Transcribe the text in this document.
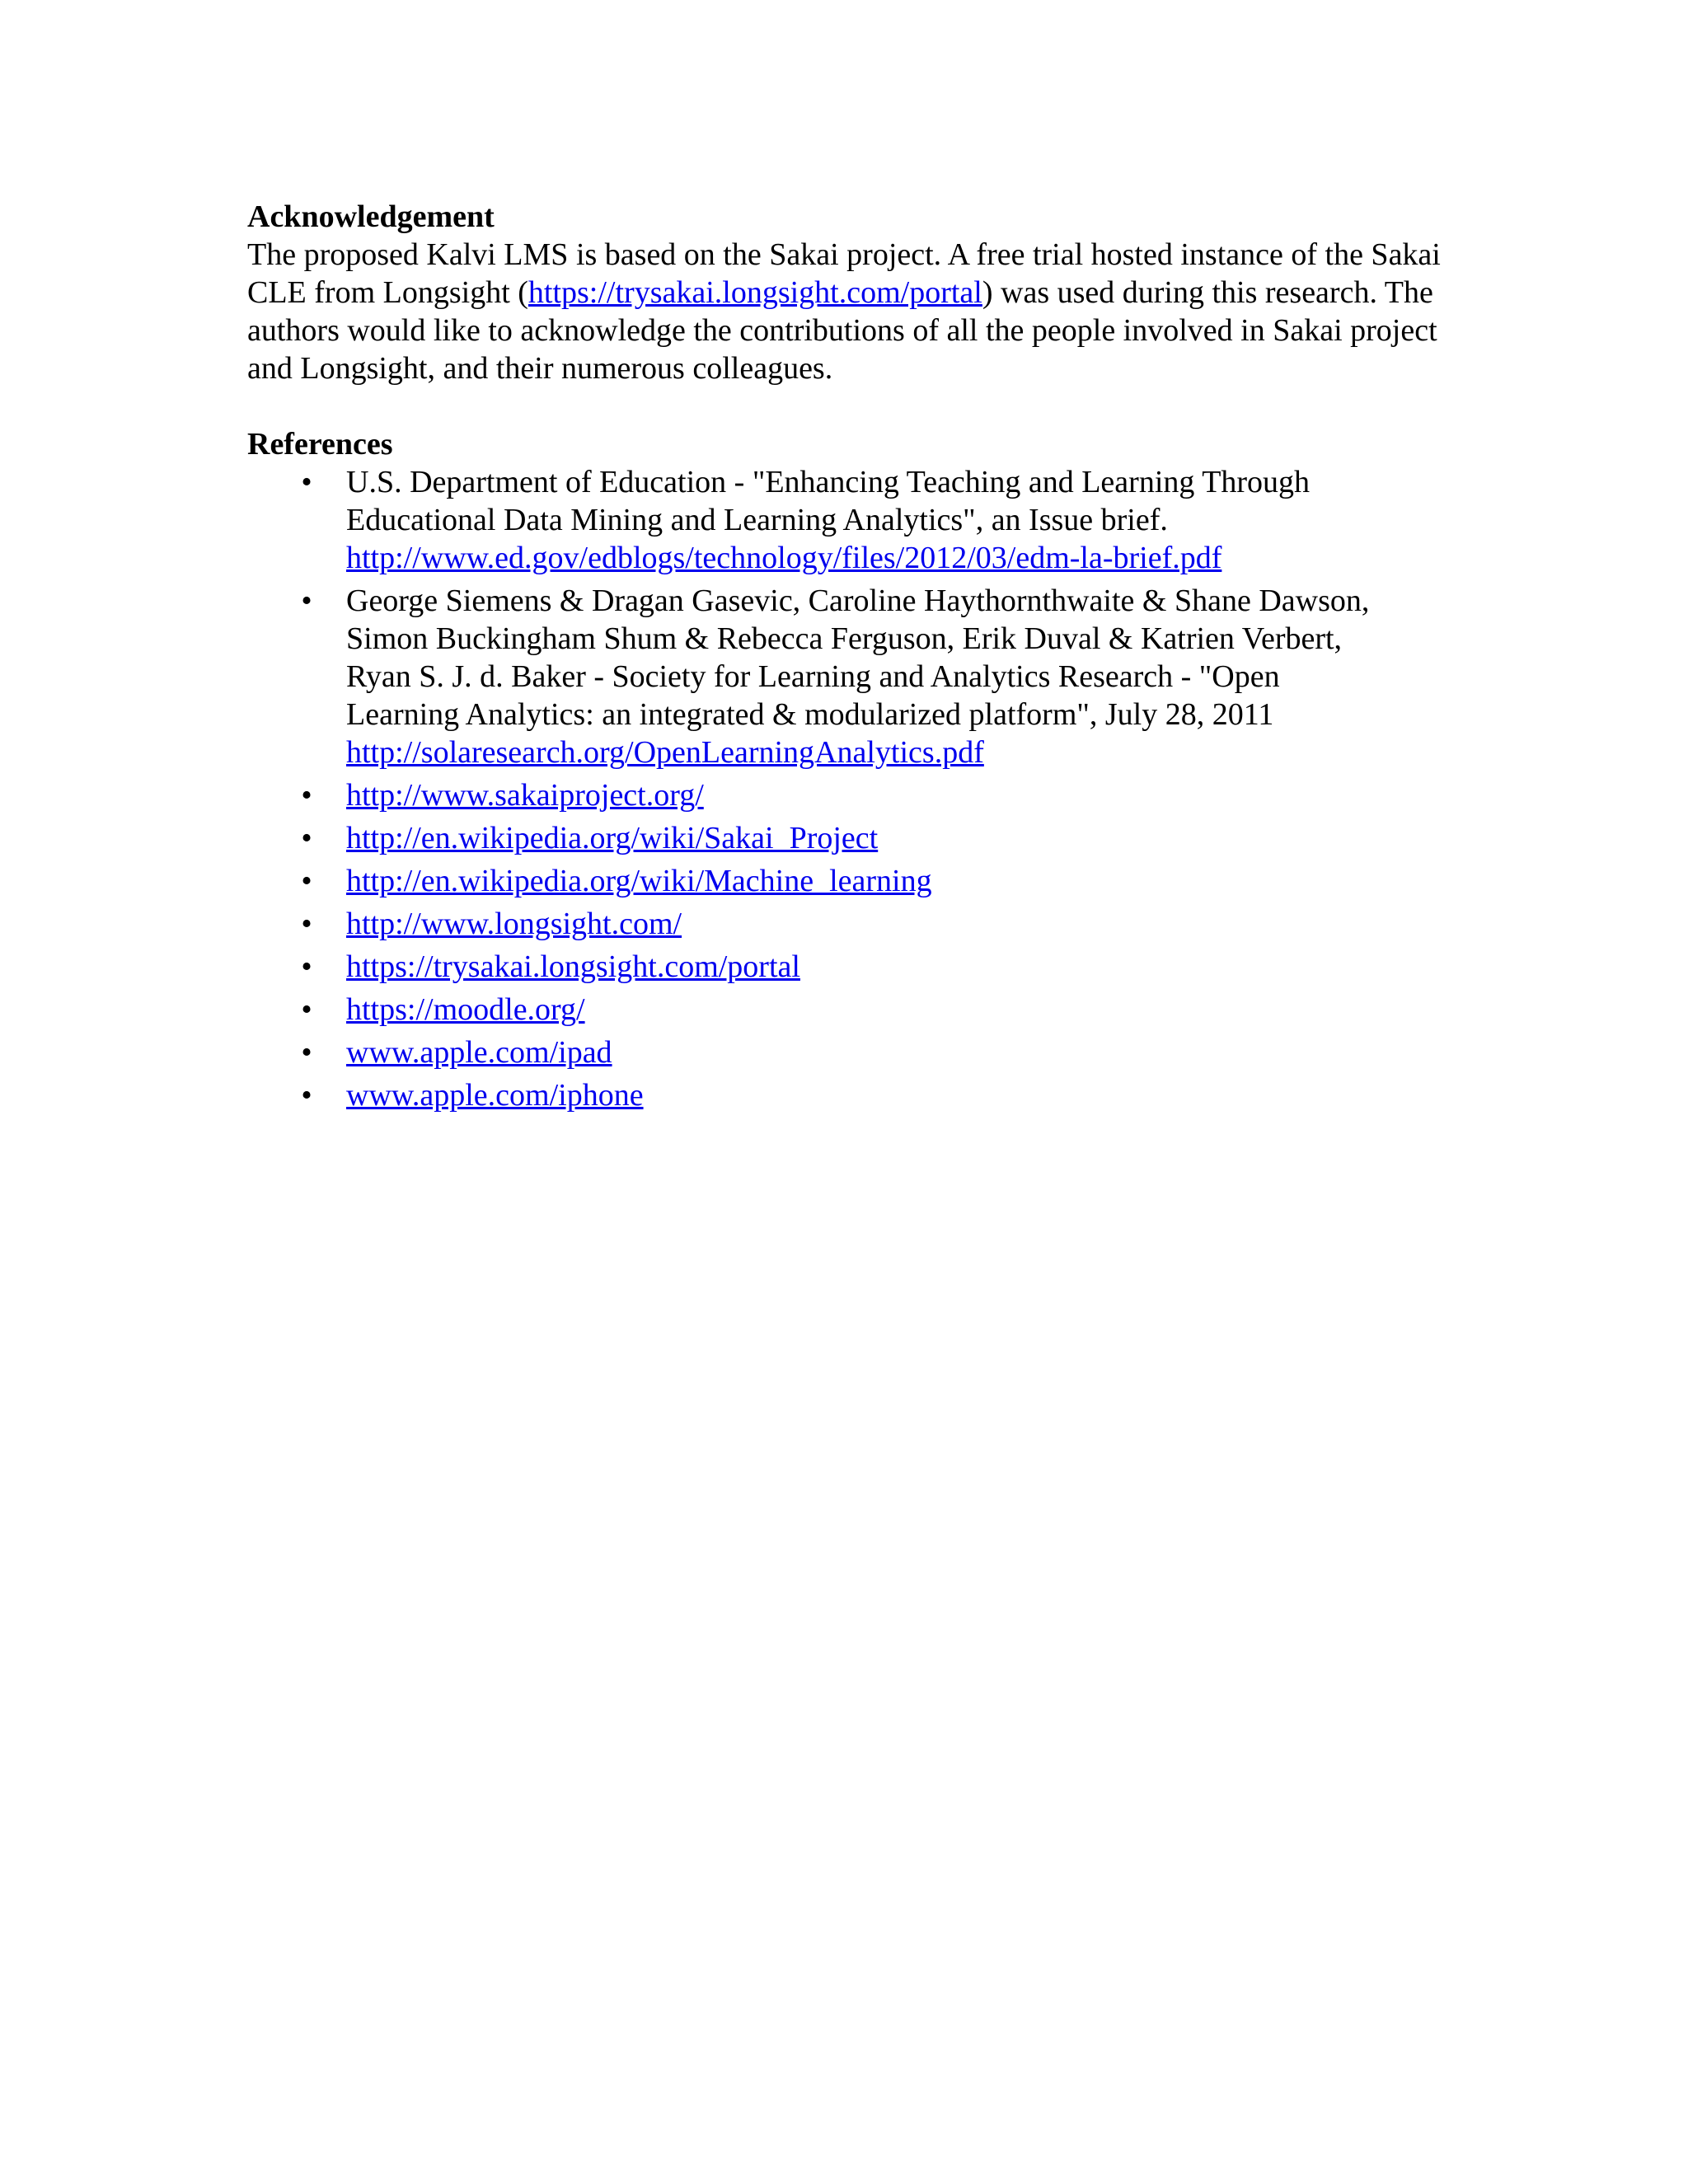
Acknowledgement

The proposed Kalvi LMS is based on the Sakai project. A free trial hosted instance of the Sakai CLE from Longsight (https://trysakai.longsight.com/portal) was used during this research. The authors would like to acknowledge the contributions of all the people involved in Sakai project and Longsight, and their numerous colleagues.

References

• U.S. Department of Education - "Enhancing Teaching and Learning Through
Educational Data Mining and Learning Analytics", an Issue brief.
http://www.ed.gov/edblogs/technology/files/2012/03/edm-la-brief.pdf
• George Siemens & Dragan Gasevic, Caroline Haythornthwaite & Shane Dawson,
Simon Buckingham Shum & Rebecca Ferguson, Erik Duval & Katrien Verbert,
Ryan S. J. d. Baker - Society for Learning and Analytics Research - "Open
Learning Analytics: an integrated & modularized platform", July 28, 2011
http://solaresearch.org/OpenLearningAnalytics.pdf
• http://www.sakaiproject.org/
• http://en.wikipedia.org/wiki/Sakai_Project
• http://en.wikipedia.org/wiki/Machine_learning
• http://www.longsight.com/
• https://trysakai.longsight.com/portal
• https://moodle.org/
• www.apple.com/ipad
• www.apple.com/iphone
